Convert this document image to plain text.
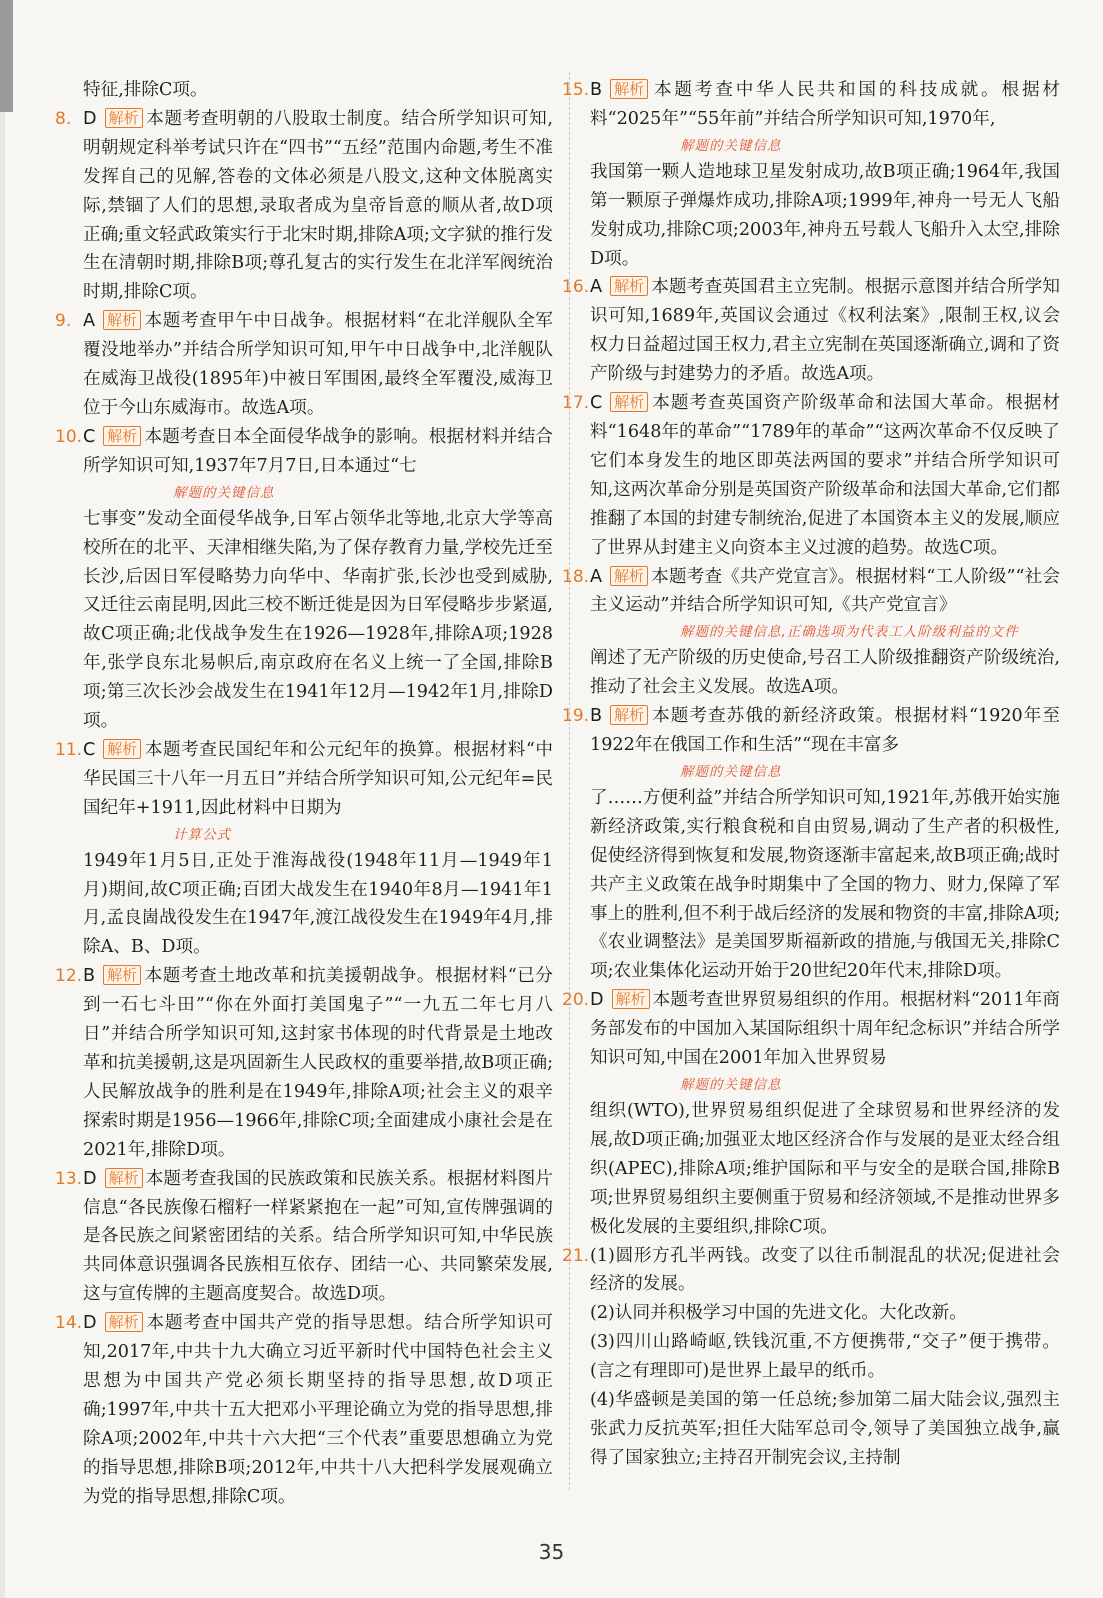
特征,排除C项。
8. D 解析 本题考查明朝的八股取士制度。结合所学知识可知,明朝规定科举考试只许在“四书”“五经”范围内命题,考生不准发挥自己的见解,答卷的文体必须是八股文,这种文体脱离实际,禁锢了人们的思想,录取者成为皇帝旨意的顺从者,故D项正确;重文轻武政策实行于北宋时期,排除A项;文字狱的推行发生在清朝时期,排除B项;尊孔复古的实行发生在北洋军阀统治时期,排除C项。
9. A 解析 本题考查甲午中日战争。根据材料“在北洋舰队全军覆没地举办”并结合所学知识可知,甲午中日战争中,北洋舰队在威海卫战役(1895年)中被日军围困,最终全军覆没,威海卫位于今山东威海市。故选A项。
10. C 解析 本题考查日本全面侵华战争的影响。根据材料并结合所学知识可知,1937年7月7日,日本通过“七
解题的关键信息
七事变”发动全面侵华战争,日军占领华北等地,北京大学等高校所在的北平、天津相继失陷,为了保存教育力量,学校先迁至长沙,后因日军侵略势力向华中、华南扩张,长沙也受到威胁,又迁往云南昆明,因此三校不断迁徙是因为日军侵略步步紧逼,故C项正确;北伐战争发生在1926—1928年,排除A项;1928年,张学良东北易帜后,南京政府在名义上统一了全国,排除B项;第三次长沙会战发生在1941年12月—1942年1月,排除D项。
11. C 解析 本题考查民国纪年和公元纪年的换算。根据材料“中华民国三十八年一月五日”并结合所学知识可知,公元纪年=民国纪年+1911,因此材料中日期为
计算公式
1949年1月5日,正处于淮海战役(1948年11月—1949年1月)期间,故C项正确;百团大战发生在1940年8月—1941年1月,孟良崮战役发生在1947年,渡江战役发生在1949年4月,排除A、B、D项。
12. B 解析 本题考查土地改革和抗美援朝战争。根据材料“已分到一石七斗田”“你在外面打美国鬼子”“一九五二年七月八日”并结合所学知识可知,这封家书体现的时代背景是土地改革和抗美援朝,这是巩固新生人民政权的重要举措,故B项正确;人民解放战争的胜利是在1949年,排除A项;社会主义的艰辛探索时期是1956—1966年,排除C项;全面建成小康社会是在2021年,排除D项。
13. D 解析 本题考查我国的民族政策和民族关系。根据材料图片信息“各民族像石榴籽一样紧紧抱在一起”可知,宣传牌强调的是各民族之间紧密团结的关系。结合所学知识可知,中华民族共同体意识强调各民族相互依存、团结一心、共同繁荣发展,这与宣传牌的主题高度契合。故选D项。
14. D 解析 本题考查中国共产党的指导思想。结合所学知识可知,2017年,中共十九大确立习近平新时代中国特色社会主义思想为中国共产党必须长期坚持的指导思想,故D项正确;1997年,中共十五大把邓小平理论确立为党的指导思想,排除A项;2002年,中共十六大把“三个代表”重要思想确立为党的指导思想,排除B项;2012年,中共十八大把科学发展观确立为党的指导思想,排除C项。
15. B 解析 本题考查中华人民共和国的科技成就。根据材料“2025年”“55年前”并结合所学知识可知,1970年,
解题的关键信息
我国第一颗人造地球卫星发射成功,故B项正确;1964年,我国第一颗原子弹爆炸成功,排除A项;1999年,神舟一号无人飞船发射成功,排除C项;2003年,神舟五号载人飞船升入太空,排除D项。
16. A 解析 本题考查英国君主立宪制。根据示意图并结合所学知识可知,1689年,英国议会通过《权利法案》,限制王权,议会权力日益超过国王权力,君主立宪制在英国逐渐确立,调和了资产阶级与封建势力的矛盾。故选A项。
17. C 解析 本题考查英国资产阶级革命和法国大革命。根据材料“1648年的革命”“1789年的革命”“这两次革命不仅反映了它们本身发生的地区即英法两国的要求”并结合所学知识可知,这两次革命分别是英国资产阶级革命和法国大革命,它们都推翻了本国的封建专制统治,促进了本国资本主义的发展,顺应了世界从封建主义向资本主义过渡的趋势。故选C项。
18. A 解析 本题考查《共产党宣言》。根据材料“工人阶级”“社会主义运动”并结合所学知识可知,《共产党宣言》
解题的关键信息,正确选项为代表工人阶级利益的文件
阐述了无产阶级的历史使命,号召工人阶级推翻资产阶级统治,推动了社会主义发展。故选A项。
19. B 解析 本题考查苏俄的新经济政策。根据材料“1920年至1922年在俄国工作和生活”“现在丰富多
解题的关键信息
了……方便利益”并结合所学知识可知,1921年,苏俄开始实施新经济政策,实行粮食税和自由贸易,调动了生产者的积极性,促使经济得到恢复和发展,物资逐渐丰富起来,故B项正确;战时共产主义政策在战争时期集中了全国的物力、财力,保障了军事上的胜利,但不利于战后经济的发展和物资的丰富,排除A项;《农业调整法》是美国罗斯福新政的措施,与俄国无关,排除C项;农业集体化运动开始于20世纪20年代末,排除D项。
20. D 解析 本题考查世界贸易组织的作用。根据材料“2011年商务部发布的中国加入某国际组织十周年纪念标识”并结合所学知识可知,中国在2001年加入世界贸易
解题的关键信息
组织(WTO),世界贸易组织促进了全球贸易和世界经济的发展,故D项正确;加强亚太地区经济合作与发展的是亚太经合组织(APEC),排除A项;维护国际和平与安全的是联合国,排除B项;世界贸易组织主要侧重于贸易和经济领域,不是推动世界多极化发展的主要组织,排除C项。
21. (1)圆形方孔半两钱。改变了以往币制混乱的状况;促进社会经济的发展。
(2)认同并积极学习中国的先进文化。大化改新。
(3)四川山路崎岖,铁钱沉重,不方便携带,“交子”便于携带。(言之有理即可)是世界上最早的纸币。
(4)华盛顿是美国的第一任总统;参加第二届大陆会议,强烈主张武力反抗英军;担任大陆军总司令,领导了美国独立战争,赢得了国家独立;主持召开制宪会议,主持制
35
